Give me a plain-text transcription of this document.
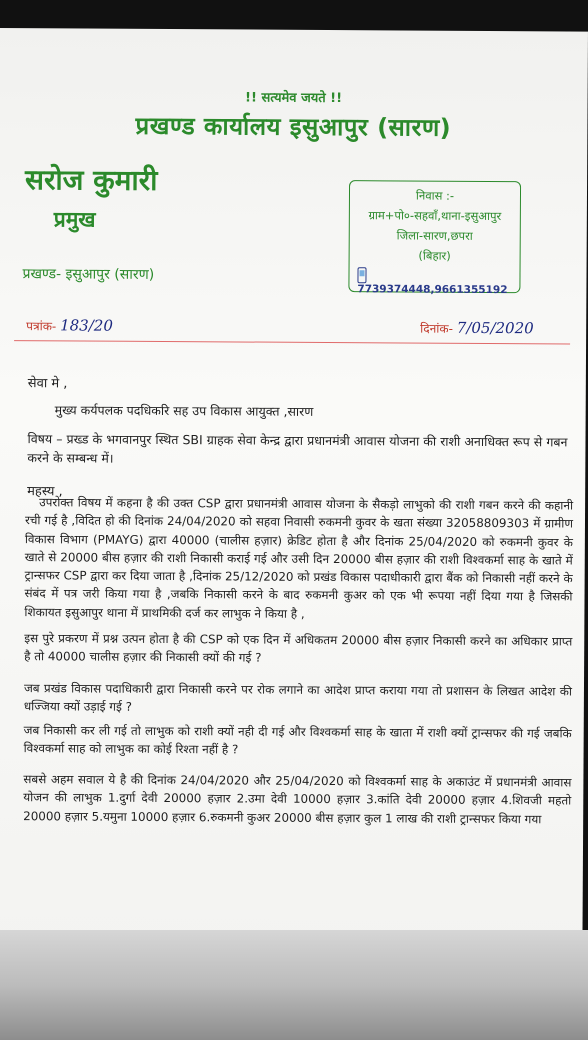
!! सत्यमेव जयते !!
प्रखण्ड कार्यालय इसुआपुर (सारण)
सरोज कुमारी
प्रमुख
प्रखण्ड- इसुआपुर (सारण)
निवास :-
ग्राम+पो०-सहवाँ,थाना-इसुआपुर
जिला-सारण,छपरा
(बिहार)
7739374448,9661355192
पत्रांक- 183/20	दिनांक- 7/05/2020
सेवा मे ,
मुख्य कर्यपलक पदधिकरि सह उप विकास आयुक्त ,सारण
विषय – प्रख्ड के भगवानपुर स्थित SBI ग्राहक सेवा केन्द्र द्वारा प्रधानमंत्री आवास योजना की राशी अनाधिक्त रूप से गबन करने के सम्बन्ध में।
महस्य ,
उपरोक्त विषय में कहना है की उक्त CSP द्वारा प्रधानमंत्री आवास योजना के सैकड़ो लाभुको की राशी गबन करने की कहानी रची गई है ,विदित हो की दिनांक 24/04/2020 को सहवा निवासी रुकमनी कुवर के खता संख्या 32058809303 में ग्रामीण विकास विभाग (PMAYG) द्वारा 40000 (चालीस हज़ार) क्रेडिट होता है और दिनांक 25/04/2020 को रुकमनी कुवर के खाते से 20000 बीस हज़ार की राशी निकासी कराई गई और उसी दिन 20000 बीस हज़ार की राशी विश्वकर्मा साह के खाते में ट्रान्सफर CSP द्वारा कर दिया जाता है ,दिनांक 25/12/2020 को प्रखंड विकास पदाधीकारी द्वारा बैंक को निकासी नहीं करने के संबंद में पत्र जरी किया गया है ,जबकि निकासी करने के बाद रुकमनी कुअर को एक भी रूपया नहीं दिया गया है जिसकी शिकायत इसुआपुर थाना में प्राथमिकी दर्ज कर लाभुक ने किया है ,
इस पुरे प्रकरण में प्रश्न उत्पन होता है की CSP को एक दिन में अधिकतम 20000 बीस हज़ार निकासी करने का अधिकार प्राप्त है तो 40000 चालीस हज़ार की निकासी क्यों की गई ?
जब प्रखंड विकास पदाधिकारी द्वारा निकासी करने पर रोक लगाने का आदेश प्राप्त कराया गया तो प्रशासन के लिखत आदेश की धज्जिया क्यों उड़ाई गई ?
जब निकासी कर ली गई तो लाभुक को राशी क्यों नही दी गई और विश्वकर्मा साह के खाता में राशी क्यों ट्रान्सफर की गई जबकि विश्वकर्मा साह को लाभुक का कोई रिश्ता नहीं है ?
सबसे अहम सवाल ये है की दिनांक 24/04/2020 और 25/04/2020 को विश्वकर्मा साह के अकाउंट में प्रधानमंत्री आवास योजन की लाभुक 1.दुर्गा देवी 20000 हज़ार 2.उमा देवी 10000 हज़ार 3.कांति देवी 20000 हज़ार 4.शिवजी महतो 20000 हज़ार 5.यमुना 10000 हज़ार 6.रुकमनी कुअर 20000 बीस हज़ार कुल 1 लाख की राशी ट्रान्सफर किया गया
